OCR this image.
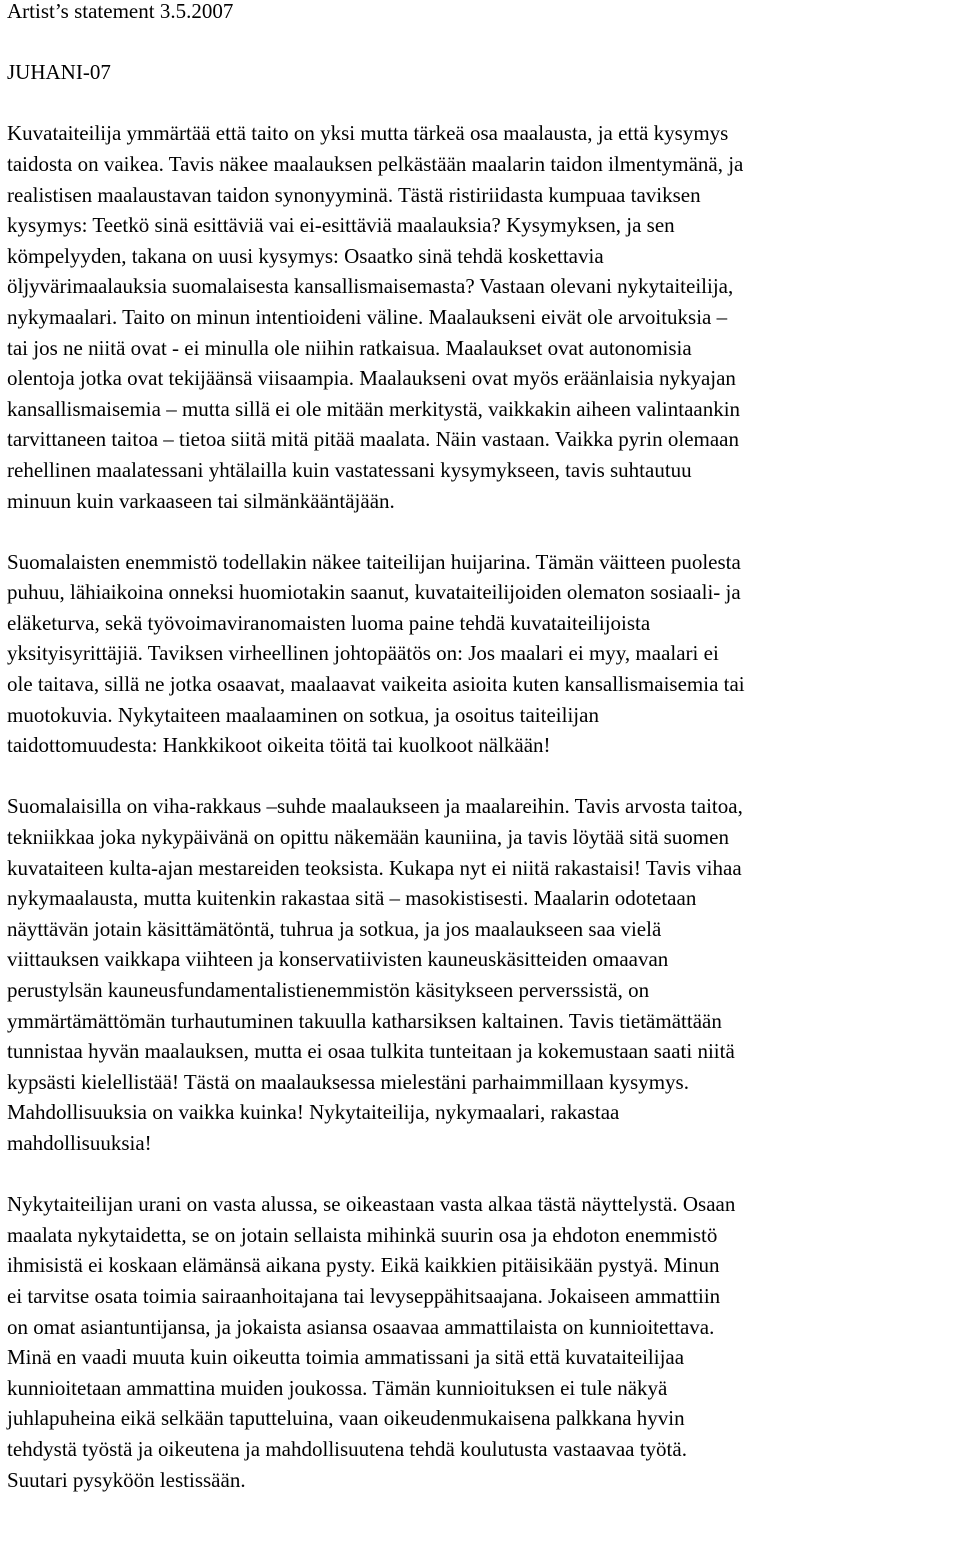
Artist’s statement 3.5.2007
JUHANI-07
Kuvataiteilija ymmärtää että taito on yksi mutta tärkeä osa maalausta, ja että kysymys
taidosta on vaikea. Tavis näkee maalauksen pelkästään maalarin taidon ilmentymänä, ja
realistisen maalaustavan taidon synonyyminä. Tästä ristiriidasta kumpuaa taviksen
kysymys: Teetkö sinä esittäviä vai ei-esittäviä maalauksia? Kysymyksen, ja sen
kömpelyyden, takana on uusi kysymys: Osaatko sinä tehdä koskettavia
öljyvärimaalauksia suomalaisesta kansallismaisemasta? Vastaan olevani nykytaiteilija,
nykymaalari. Taito on minun intentioideni väline. Maalaukseni eivät ole arvoituksia –
tai jos ne niitä ovat - ei minulla ole niihin ratkaisua. Maalaukset ovat autonomisia
olentoja jotka ovat tekijäänsä viisaampia. Maalaukseni ovat myös eräänlaisia nykyajan
kansallismaisemia – mutta sillä ei ole mitään merkitystä, vaikkakin aiheen valintaankin
tarvittaneen taitoa – tietoa siitä mitä pitää maalata. Näin vastaan. Vaikka pyrin olemaan
rehellinen maalatessani yhtälailla kuin vastatessani kysymykseen, tavis suhtautuu
minuun kuin varkaaseen tai silmänkääntäjään.
Suomalaisten enemmistö todellakin näkee taiteilijan huijarina. Tämän väitteen puolesta
puhuu, lähiaikoina onneksi huomiotakin saanut, kuvataiteilijoiden olematon sosiaali- ja
eläketurva, sekä työvoimaviranomaisten luoma paine tehdä kuvataiteilijoista
yksityisyrittäjiä. Taviksen virheellinen johtopäätös on: Jos maalari ei myy, maalari ei
ole taitava, sillä ne jotka osaavat, maalaavat vaikeita asioita kuten kansallismaisemia tai
muotokuvia. Nykytaiteen maalaaminen on sotkua, ja osoitus taiteilijan
taidottomuudesta: Hankkikoot oikeita töitä tai kuolkoot nälkään!
Suomalaisilla on viha-rakkaus –suhde maalaukseen ja maalareihin. Tavis arvosta taitoa,
tekniikkaa joka nykypäivänä on opittu näkemään kauniina, ja tavis löytää sitä suomen
kuvataiteen kulta-ajan mestareiden teoksista. Kukapa nyt ei niitä rakastaisi! Tavis vihaa
nykymaalausta, mutta kuitenkin rakastaa sitä – masokistisesti. Maalarin odotetaan
näyttävän jotain käsittämätöntä, tuhrua ja sotkua, ja jos maalaukseen saa vielä
viittauksen vaikkapa viihteen ja konservatiivisten kauneuskäsitteiden omaavan
perustylsän kauneusfundamentalistienemmistön käsitykseen perverssistä, on
ymmärtämättömän turhautuminen takuulla katharsiksen kaltainen. Tavis tietämättään
tunnistaa hyvän maalauksen, mutta ei osaa tulkita tunteitaan ja kokemustaan saati niitä
kypsästi kielellistää! Tästä on maalauksessa mielestäni parhaimmillaan kysymys.
Mahdollisuuksia on vaikka kuinka! Nykytaiteilija, nykymaalari, rakastaa
mahdollisuuksia!
Nykytaiteilijan urani on vasta alussa, se oikeastaan vasta alkaa tästä näyttelystä. Osaan
maalata nykytaidetta, se on jotain sellaista mihinkä suurin osa ja ehdoton enemmistö
ihmisistä ei koskaan elämänsä aikana pysty. Eikä kaikkien pitäisikään pystyä. Minun
ei tarvitse osata toimia sairaanhoitajana tai levyseppähitsaajana. Jokaiseen ammattiin
on omat asiantuntijansa, ja jokaista asiansa osaavaa ammattilaista on kunnioitettava.
Minä en vaadi muuta kuin oikeutta toimia ammatissani ja sitä että kuvataiteilijaa
kunnioitetaan ammattina muiden joukossa. Tämän kunnioituksen ei tule näkyä
juhlapuheina eikä selkään taputteluina, vaan oikeudenmukaisena palkkana hyvin
tehdystä työstä ja oikeutena ja mahdollisuutena tehdä koulutusta vastaavaa työtä.
Suutari pysyköön lestissään.
